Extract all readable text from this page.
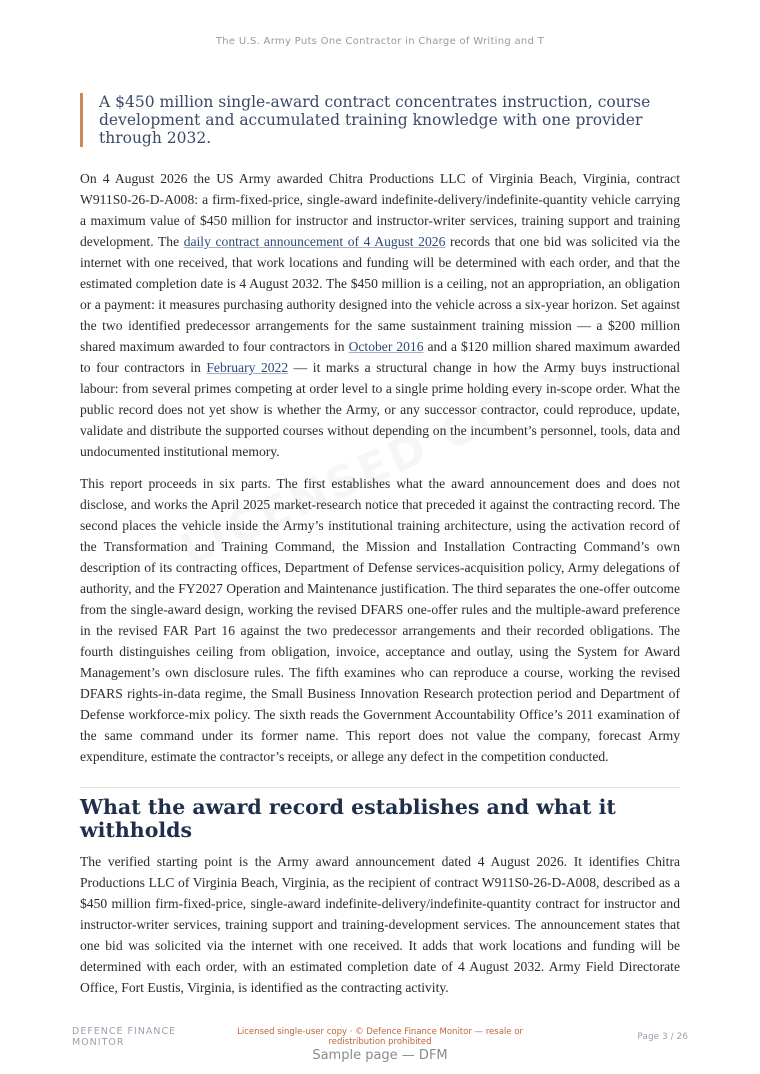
The U.S. Army Puts One Contractor in Charge of Writing and T
A $450 million single-award contract concentrates instruction, course development and accumulated training knowledge with one provider through 2032.

On 4 August 2026 the US Army awarded Chitra Productions LLC of Virginia Beach, Virginia, contract W911S0-26-D-A008: a firm-fixed-price, single-award indefinite-delivery/indefinite-quantity vehicle carrying a maximum value of $450 million for instructor and instructor-writer services, training support and training development. The daily contract announcement of 4 August 2026 records that one bid was solicited via the internet with one received, that work locations and funding will be determined with each order, and that the estimated completion date is 4 August 2032. The $450 million is a ceiling, not an appropriation, an obligation or a payment: it measures purchasing authority designed into the vehicle across a six-year horizon. Set against the two identified predecessor arrangements for the same sustainment training mission — a $200 million shared maximum awarded to four contractors in October 2016 and a $120 million shared maximum awarded to four contractors in February 2022 — it marks a structural change in how the Army buys instructional labour: from several primes competing at order level to a single prime holding every in-scope order. What the public record does not yet show is whether the Army, or any successor contractor, could reproduce, update, validate and distribute the supported courses without depending on the incumbent’s personnel, tools, data and undocumented institutional memory.

This report proceeds in six parts. The first establishes what the award announcement does and does not disclose, and works the April 2025 market-research notice that preceded it against the contracting record. The second places the vehicle inside the Army’s institutional training architecture, using the activation record of the Transformation and Training Command, the Mission and Installation Contracting Command’s own description of its contracting offices, Department of Defense services-acquisition policy, Army delegations of authority, and the FY2027 Operation and Maintenance justification. The third separates the one-offer outcome from the single-award design, working the revised DFARS one-offer rules and the multiple-award preference in the revised FAR Part 16 against the two predecessor arrangements and their recorded obligations. The fourth distinguishes ceiling from obligation, invoice, acceptance and outlay, using the System for Award Management’s own disclosure rules. The fifth examines who can reproduce a course, working the revised DFARS rights-in-data regime, the Small Business Innovation Research protection period and Department of Defense workforce-mix policy. The sixth reads the Government Accountability Office’s 2011 examination of the same command under its former name. This report does not value the company, forecast Army expenditure, estimate the contractor’s receipts, or allege any defect in the competition conducted.

What the award record establishes and what it withholds

The verified starting point is the Army award announcement dated 4 August 2026. It identifies Chitra Productions LLC of Virginia Beach, Virginia, as the recipient of contract W911S0-26-D-A008, described as a $450 million firm-fixed-price, single-award indefinite-delivery/indefinite-quantity contract for instructor and instructor-writer services, training support and training-development services. The announcement states that one bid was solicited via the internet with one received. It adds that work locations and funding will be determined with each order, with an estimated completion date of 4 August 2032. Army Field Directorate Office, Fort Eustis, Virginia, is identified as the contracting activity.

DEFENCE FINANCE MONITOR
Licensed single-user copy · © Defence Finance Monitor — resale or redistribution prohibited	Page 3 / 26
Sample page — DFM
